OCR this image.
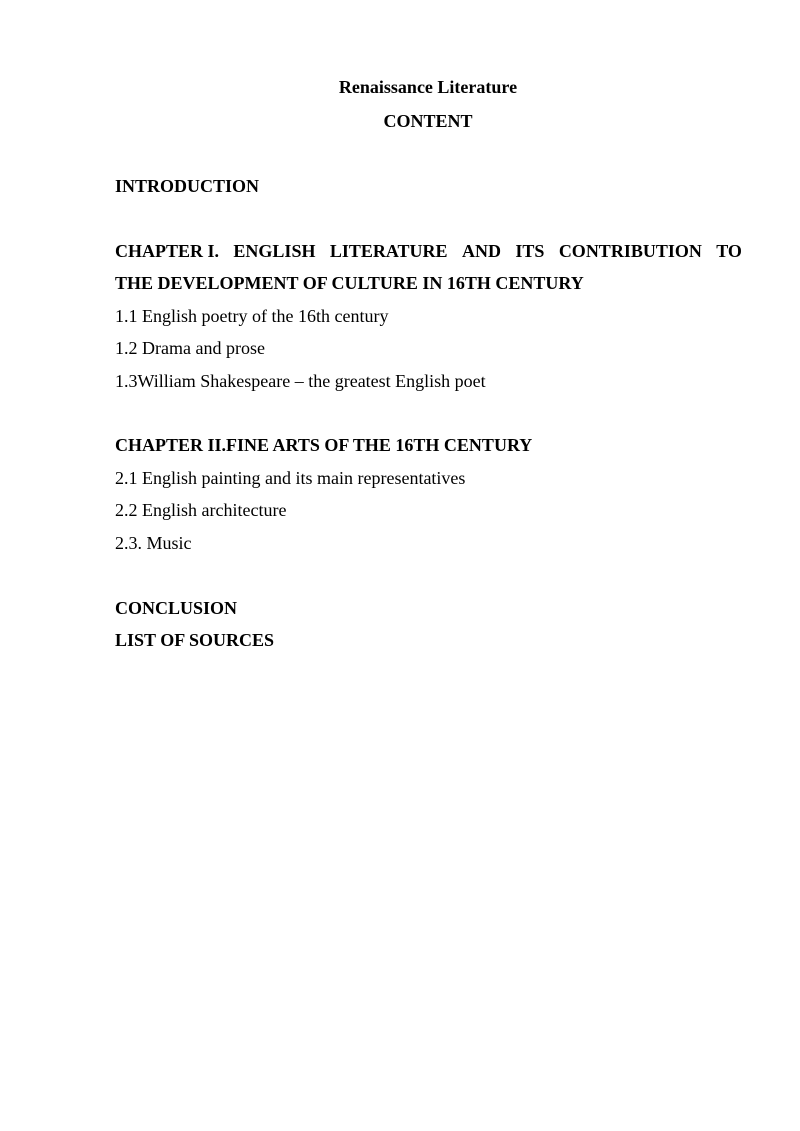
Renaissance Literature
CONTENT
INTRODUCTION
CHAPTER I. ENGLISH LITERATURE AND ITS CONTRIBUTION TO
THE DEVELOPMENT OF CULTURE IN 16TH CENTURY
1.1 English poetry of the 16th century
1.2 Drama and prose
1.3William Shakespeare – the greatest English poet
CHAPTER II.FINE ARTS OF THE 16TH CENTURY
2.1 English painting and its main representatives
2.2 English architecture
2.3. Music
CONCLUSION
LIST OF SOURCES
